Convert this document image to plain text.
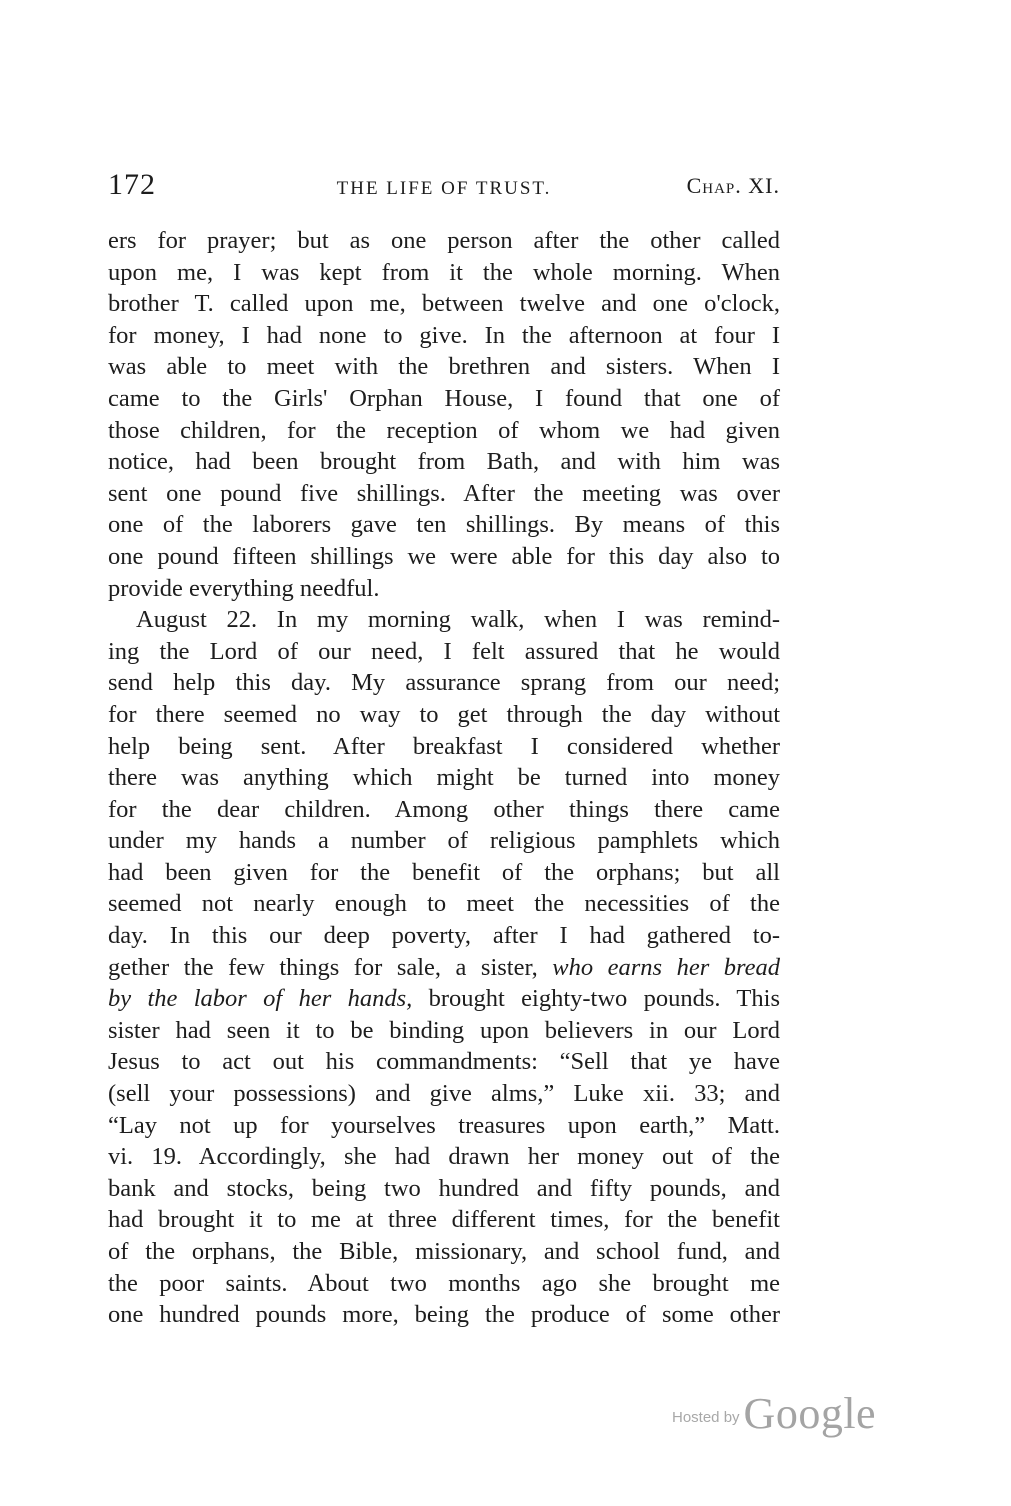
172	THE LIFE OF TRUST.	Chap. XI.
ers for prayer; but as one person after the other called
upon me, I was kept from it the whole morning. When
brother T. called upon me, between twelve and one o'clock,
for money, I had none to give. In the afternoon at four I
was able to meet with the brethren and sisters. When I
came to the Girls' Orphan House, I found that one of
those children, for the reception of whom we had given
notice, had been brought from Bath, and with him was
sent one pound five shillings. After the meeting was over
one of the laborers gave ten shillings. By means of this
one pound fifteen shillings we were able for this day also to
provide everything needful.
August 22. In my morning walk, when I was remind-
ing the Lord of our need, I felt assured that he would
send help this day. My assurance sprang from our need;
for there seemed no way to get through the day without
help being sent. After breakfast I considered whether
there was anything which might be turned into money
for the dear children. Among other things there came
under my hands a number of religious pamphlets which
had been given for the benefit of the orphans; but all
seemed not nearly enough to meet the necessities of the
day. In this our deep poverty, after I had gathered to-
gether the few things for sale, a sister, who earns her bread
by the labor of her hands, brought eighty-two pounds. This
sister had seen it to be binding upon believers in our Lord
Jesus to act out his commandments: “Sell that ye have
(sell your possessions) and give alms,” Luke xii. 33; and
“Lay not up for yourselves treasures upon earth,” Matt.
vi. 19. Accordingly, she had drawn her money out of the
bank and stocks, being two hundred and fifty pounds, and
had brought it to me at three different times, for the benefit
of the orphans, the Bible, missionary, and school fund, and
the poor saints. About two months ago she brought me
one hundred pounds more, being the produce of some other
Hosted by Google
